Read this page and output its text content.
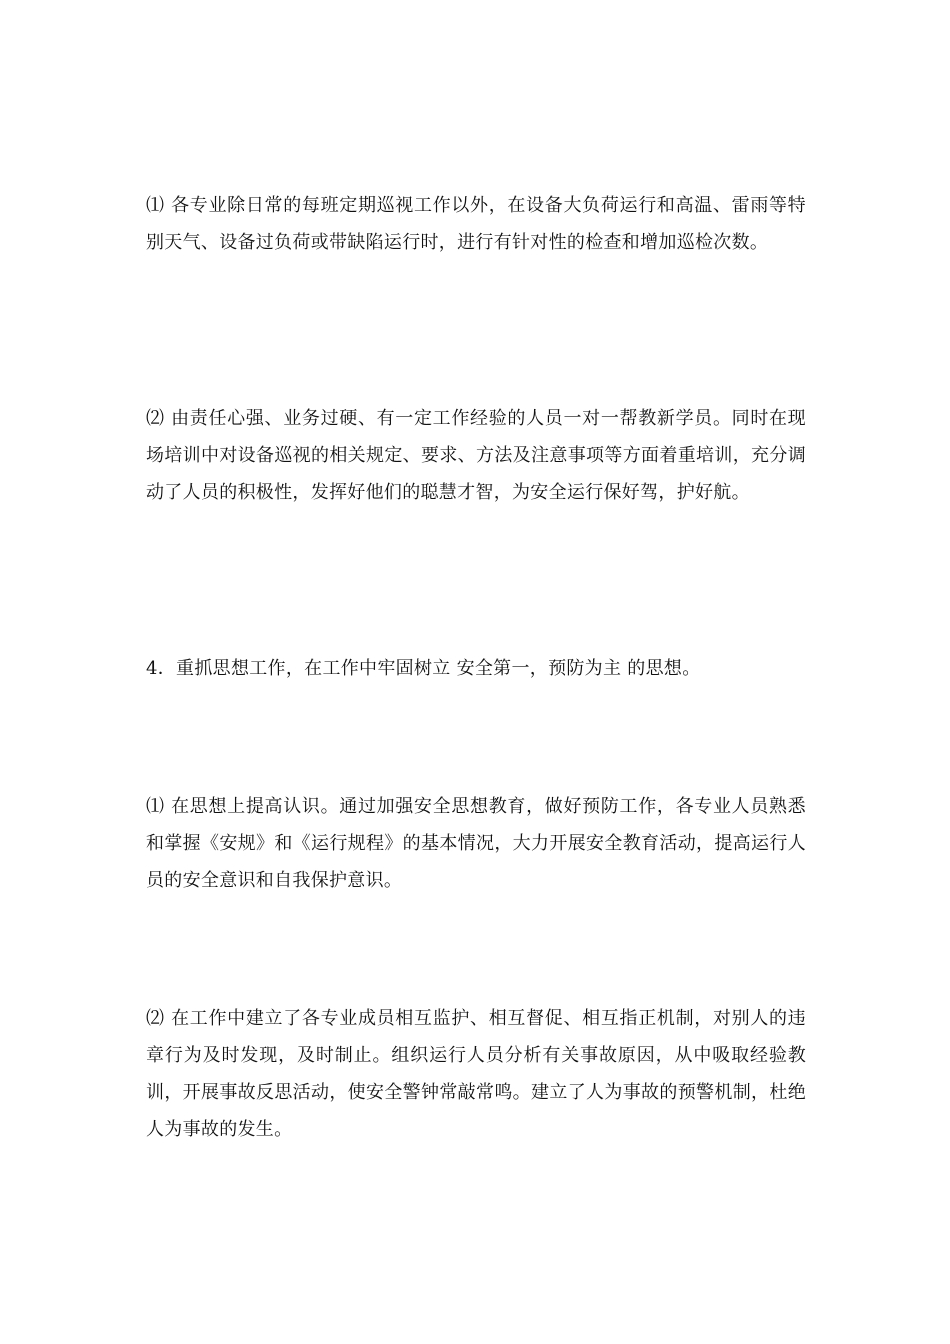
⑴ 各专业除日常的每班定期巡视工作以外，在设备大负荷运行和高温、雷雨等特别天气、设备过负荷或带缺陷运行时，进行有针对性的检查和增加巡检次数。

⑵ 由责任心强、业务过硬、有一定工作经验的人员一对一帮教新学员。同时在现场培训中对设备巡视的相关规定、要求、方法及注意事项等方面着重培训，充分调动了人员的积极性，发挥好他们的聪慧才智，为安全运行保好驾，护好航。

4．重抓思想工作，在工作中牢固树立 安全第一，预防为主 的思想。

⑴ 在思想上提高认识。通过加强安全思想教育，做好预防工作，各专业人员熟悉和掌握《安规》和《运行规程》的基本情况，大力开展安全教育活动，提高运行人员的安全意识和自我保护意识。

⑵ 在工作中建立了各专业成员相互监护、相互督促、相互指正机制，对别人的违章行为及时发现，及时制止。组织运行人员分析有关事故原因，从中吸取经验教训，开展事故反思活动，使安全警钟常敲常鸣。建立了人为事故的预警机制，杜绝人为事故的发生。
